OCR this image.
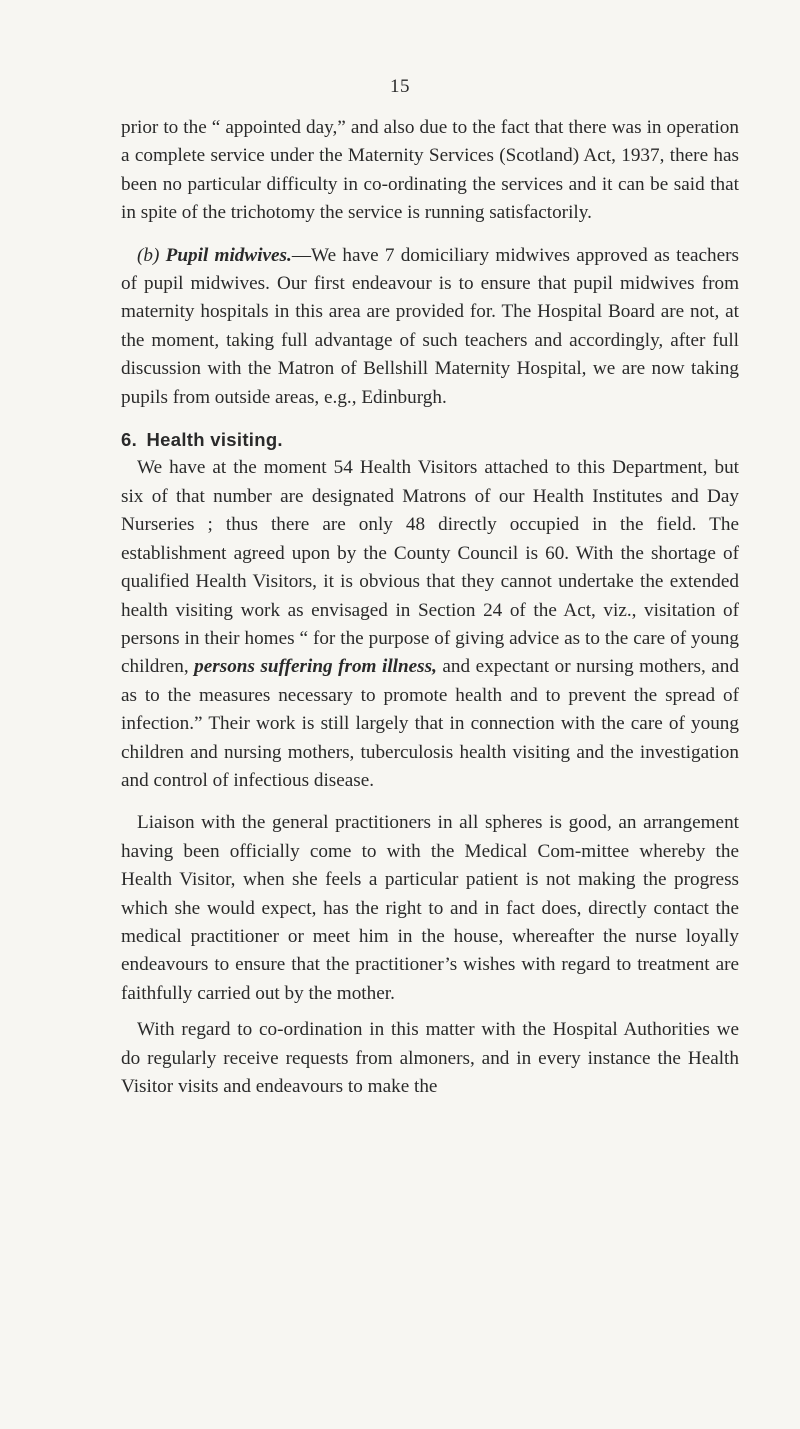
15

prior to the “ appointed day,” and also due to the fact that there was in operation a complete service under the Maternity Services (Scotland) Act, 1937, there has been no particular difficulty in co-ordinating the services and it can be said that in spite of the trichotomy the service is running satisfactorily.

(b) Pupil midwives.—We have 7 domiciliary midwives approved as teachers of pupil midwives. Our first endeavour is to ensure that pupil midwives from maternity hospitals in this area are provided for. The Hospital Board are not, at the moment, taking full advantage of such teachers and accordingly, after full discussion with the Matron of Bellshill Maternity Hospital, we are now taking pupils from outside areas, e.g., Edinburgh.

6. Health visiting.

We have at the moment 54 Health Visitors attached to this Department, but six of that number are designated Matrons of our Health Institutes and Day Nurseries ; thus there are only 48 directly occupied in the field. The establishment agreed upon by the County Council is 60. With the shortage of qualified Health Visitors, it is obvious that they cannot undertake the extended health visiting work as envisaged in Section 24 of the Act, viz., visitation of persons in their homes “ for the purpose of giving advice as to the care of young children, persons suffering from illness, and expectant or nursing mothers, and as to the measures necessary to promote health and to prevent the spread of infection.” Their work is still largely that in connection with the care of young children and nursing mothers, tuberculosis health visiting and the investigation and control of infectious disease.

Liaison with the general practitioners in all spheres is good, an arrangement having been officially come to with the Medical Com-mittee whereby the Health Visitor, when she feels a particular patient is not making the progress which she would expect, has the right to and in fact does, directly contact the medical practitioner or meet him in the house, whereafter the nurse loyally endeavours to ensure that the practitioner’s wishes with regard to treatment are faithfully carried out by the mother.

With regard to co-ordination in this matter with the Hospital Authorities we do regularly receive requests from almoners, and in every instance the Health Visitor visits and endeavours to make the
